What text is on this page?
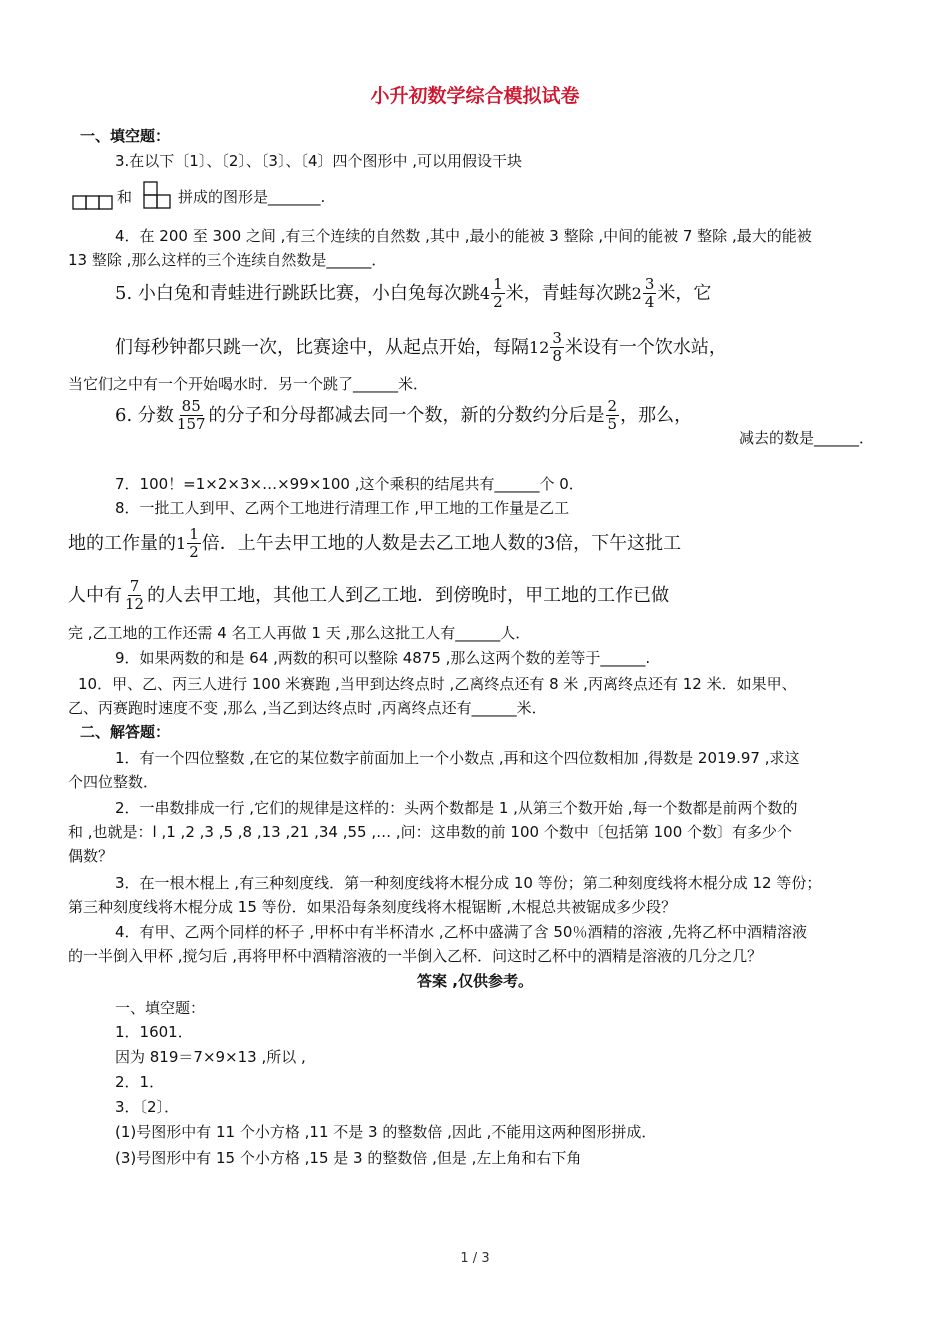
小升初数学综合模拟试卷
一、填空题：
3.在以下〔1〕、〔2〕、〔3〕、〔4〕四个图形中 ,可以用假设干块
和	拼成的图形是_______.
4．在 200 至 300 之间 ,有三个连续的自然数 ,其中 ,最小的能被 3 整除 ,中间的能被 7 整除 ,最大的能被
13 整除 ,那么这样的三个连续自然数是______．
5. 小白兔和青蛙进行跳跃比赛，小白兔每次跳 $4 \frac{1}{2}$ 米，青蛙每次跳 $2 \frac{3}{4}$ 米，它
们每秒钟都只跳一次，比赛途中，从起点开始，每隔 $12 \frac{3}{8}$ 米设有一个饮水站，
当它们之中有一个开始喝水时．另一个跳了______米．
6. 分数 $\frac{85}{157}$ 的分子和分母都减去同一个数，新的分数约分后是 $\frac{2}{5}$ ，那么，
减去的数是______．
7．100！=1×2×3×…×99×100 ,这个乘积的结尾共有______个 0．
8．一批工人到甲、乙两个工地进行清理工作 ,甲工地的工作量是乙工
地的工作量的 $1 \frac{1}{2}$ 倍．上午去甲工地的人数是去乙工地人数的3倍，下午这批工
人中有 $\frac{7}{12}$ 的人去甲工地，其他工人到乙工地．到傍晚时，甲工地的工作已做
完 ,乙工地的工作还需 4 名工人再做 1 天 ,那么这批工人有______人．
9．如果两数的和是 64 ,两数的积可以整除 4875 ,那么这两个数的差等于______.
10．甲、乙、丙三人进行 100 米赛跑 ,当甲到达终点时 ,乙离终点还有 8 米 ,丙离终点还有 12 米．如果甲、
乙、丙赛跑时速度不变 ,那么 ,当乙到达终点时 ,丙离终点还有______米．
二、解答题：
1．有一个四位整数 ,在它的某位数字前面加上一个小数点 ,再和这个四位数相加 ,得数是 2019.97 ,求这
个四位整数．
2．一串数排成一行 ,它们的规律是这样的：头两个数都是 1 ,从第三个数开始 ,每一个数都是前两个数的
和 ,也就是：l ,1 ,2 ,3 ,5 ,8 ,13 ,21 ,34 ,55 ,… ,问：这串数的前 100 个数中〔包括第 100 个数〕有多少个
偶数？
3．在一根木棍上 ,有三种刻度线．第一种刻度线将木棍分成 10 等份；第二种刻度线将木棍分成 12 等份；
第三种刻度线将木棍分成 15 等份．如果沿每条刻度线将木棍锯断 ,木棍总共被锯成多少段？
4．有甲、乙两个同样的杯子 ,甲杯中有半杯清水 ,乙杯中盛满了含 50％酒精的溶液 ,先将乙杯中酒精溶液
的一半倒入甲杯 ,搅匀后 ,再将甲杯中酒精溶液的一半倒入乙杯．问这时乙杯中的酒精是溶液的几分之几？
答案 ,仅供参考。
一、填空题：
1．1601．
因为 819＝7×9×13 ,所以 ,
2．1．
3．〔2〕．
(1)号图形中有 11 个小方格 ,11 不是 3 的整数倍 ,因此 ,不能用这两种图形拼成．
(3)号图形中有 15 个小方格 ,15 是 3 的整数倍 ,但是 ,左上角和右下角
1 / 3
